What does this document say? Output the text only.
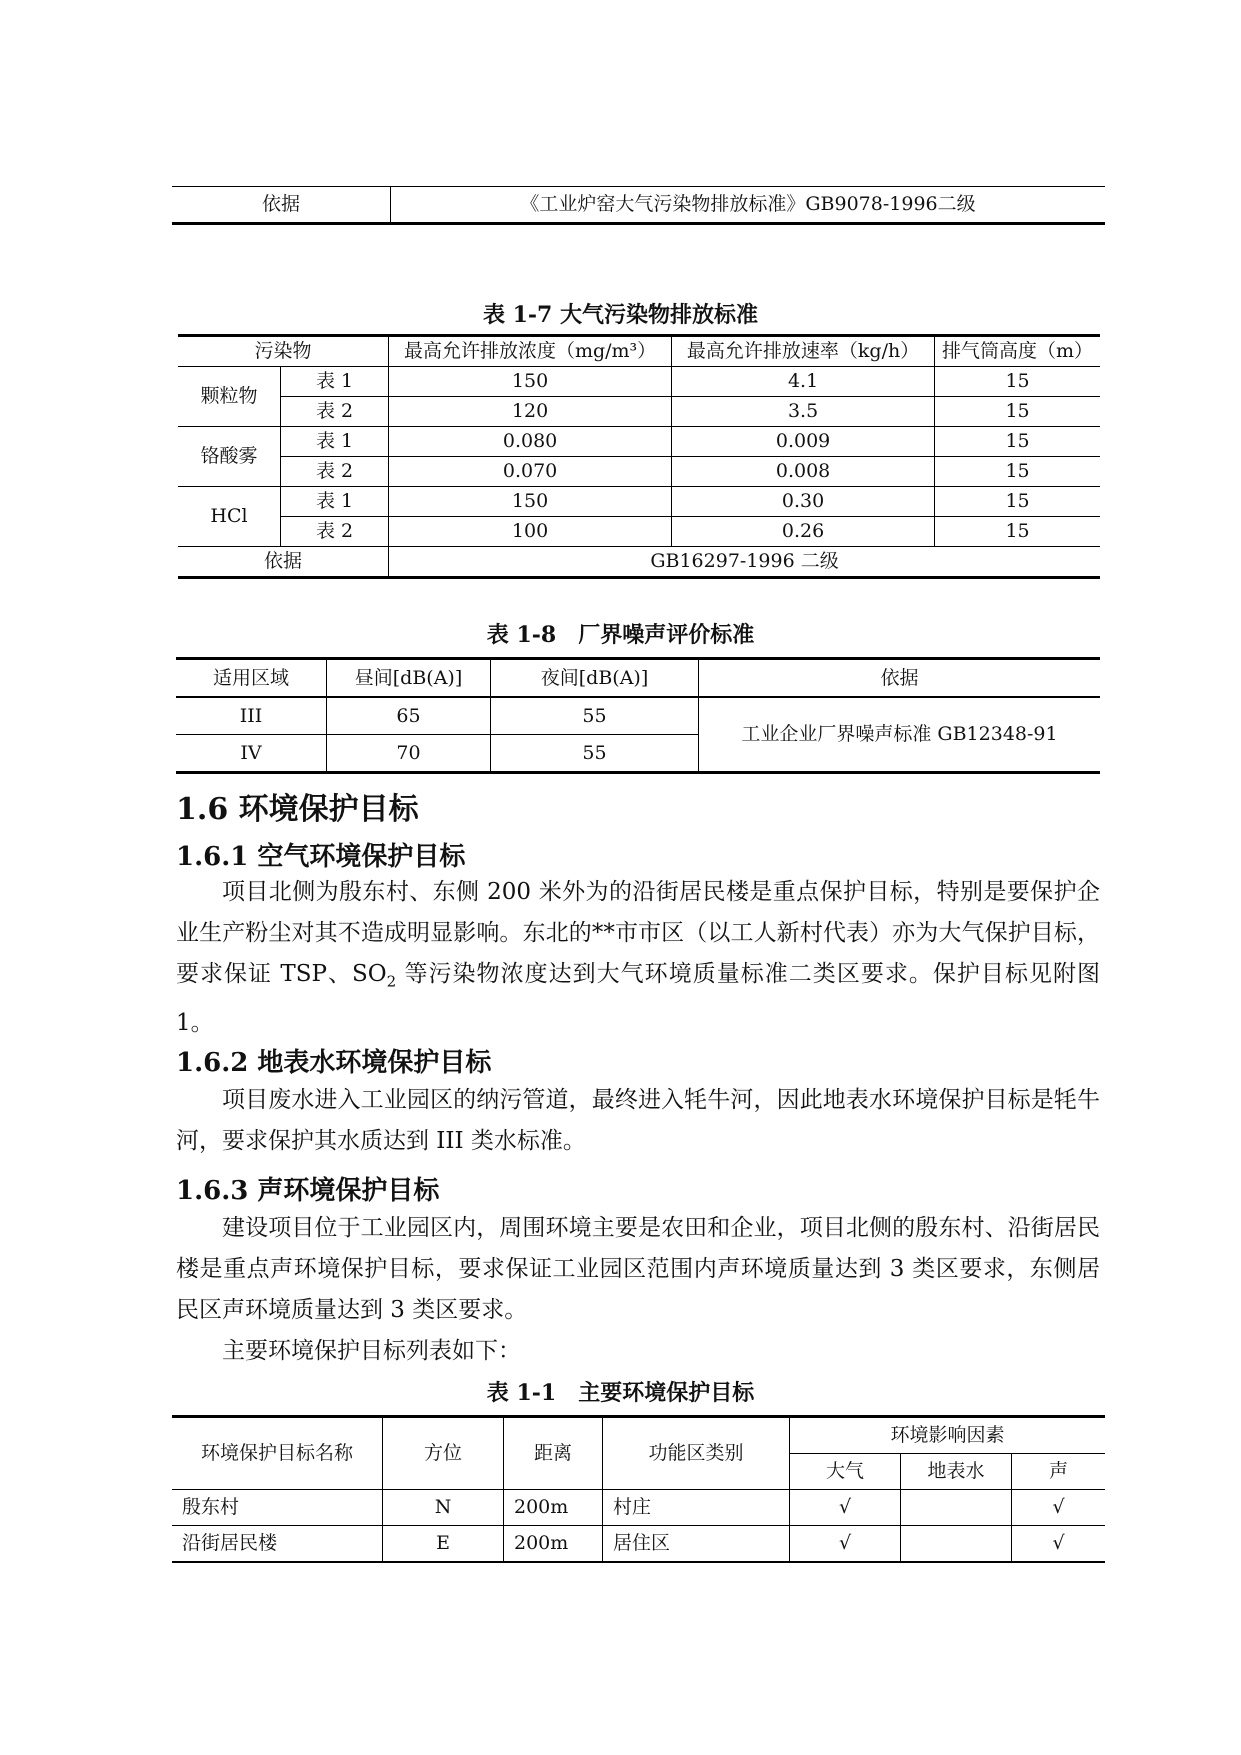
依据	《工业炉窑大气污染物排放标准》GB9078-1996二级
表 1-7 大气污染物排放标准
污染物		最高允许排放浓度（mg/m³）	最高允许排放速率（kg/h）	排气筒高度（m）
颗粒物	表 1	150	4.1	15
	表 2	120	3.5	15
铬酸雾	表 1	0.080	0.009	15
	表 2	0.070	0.008	15
HCl	表 1	150	0.30	15
	表 2	100	0.26	15
依据		GB16297-1996 二级		
表 1-8　厂界噪声评价标准
适用区域	昼间[dB(A)]	夜间[dB(A)]	依据
III	65	55	工业企业厂界噪声标准 GB12348-91
IV	70	55	
1.6 环境保护目标
1.6.1 空气环境保护目标

项目北侧为殷东村、东侧 200 米外为的沿街居民楼是重点保护目标，特别是要保护企业生产粉尘对其不造成明显影响。东北的**市市区（以工人新村代表）亦为大气保护目标，要求保证 TSP、$SO_2$ 等污染物浓度达到大气环境质量标准二类区要求。保护目标见附图 1。

1.6.2 地表水环境保护目标

项目废水进入工业园区的纳污管道，最终进入牦牛河，因此地表水环境保护目标是牦牛河，要求保护其水质达到 III 类水标准。

1.6.3 声环境保护目标

建设项目位于工业园区内，周围环境主要是农田和企业，项目北侧的殷东村、沿街居民楼是重点声环境保护目标，要求保证工业园区范围内声环境质量达到 3 类区要求，东侧居民区声环境质量达到 3 类区要求。

主要环境保护目标列表如下：

表 1-1　主要环境保护目标
环境保护目标名称	方位	距离	功能区类别	环境影响因素		
				大气	地表水	声
殷东村	N	200m	村庄	√		√
沿街居民楼	E	200m	居住区	√		√
